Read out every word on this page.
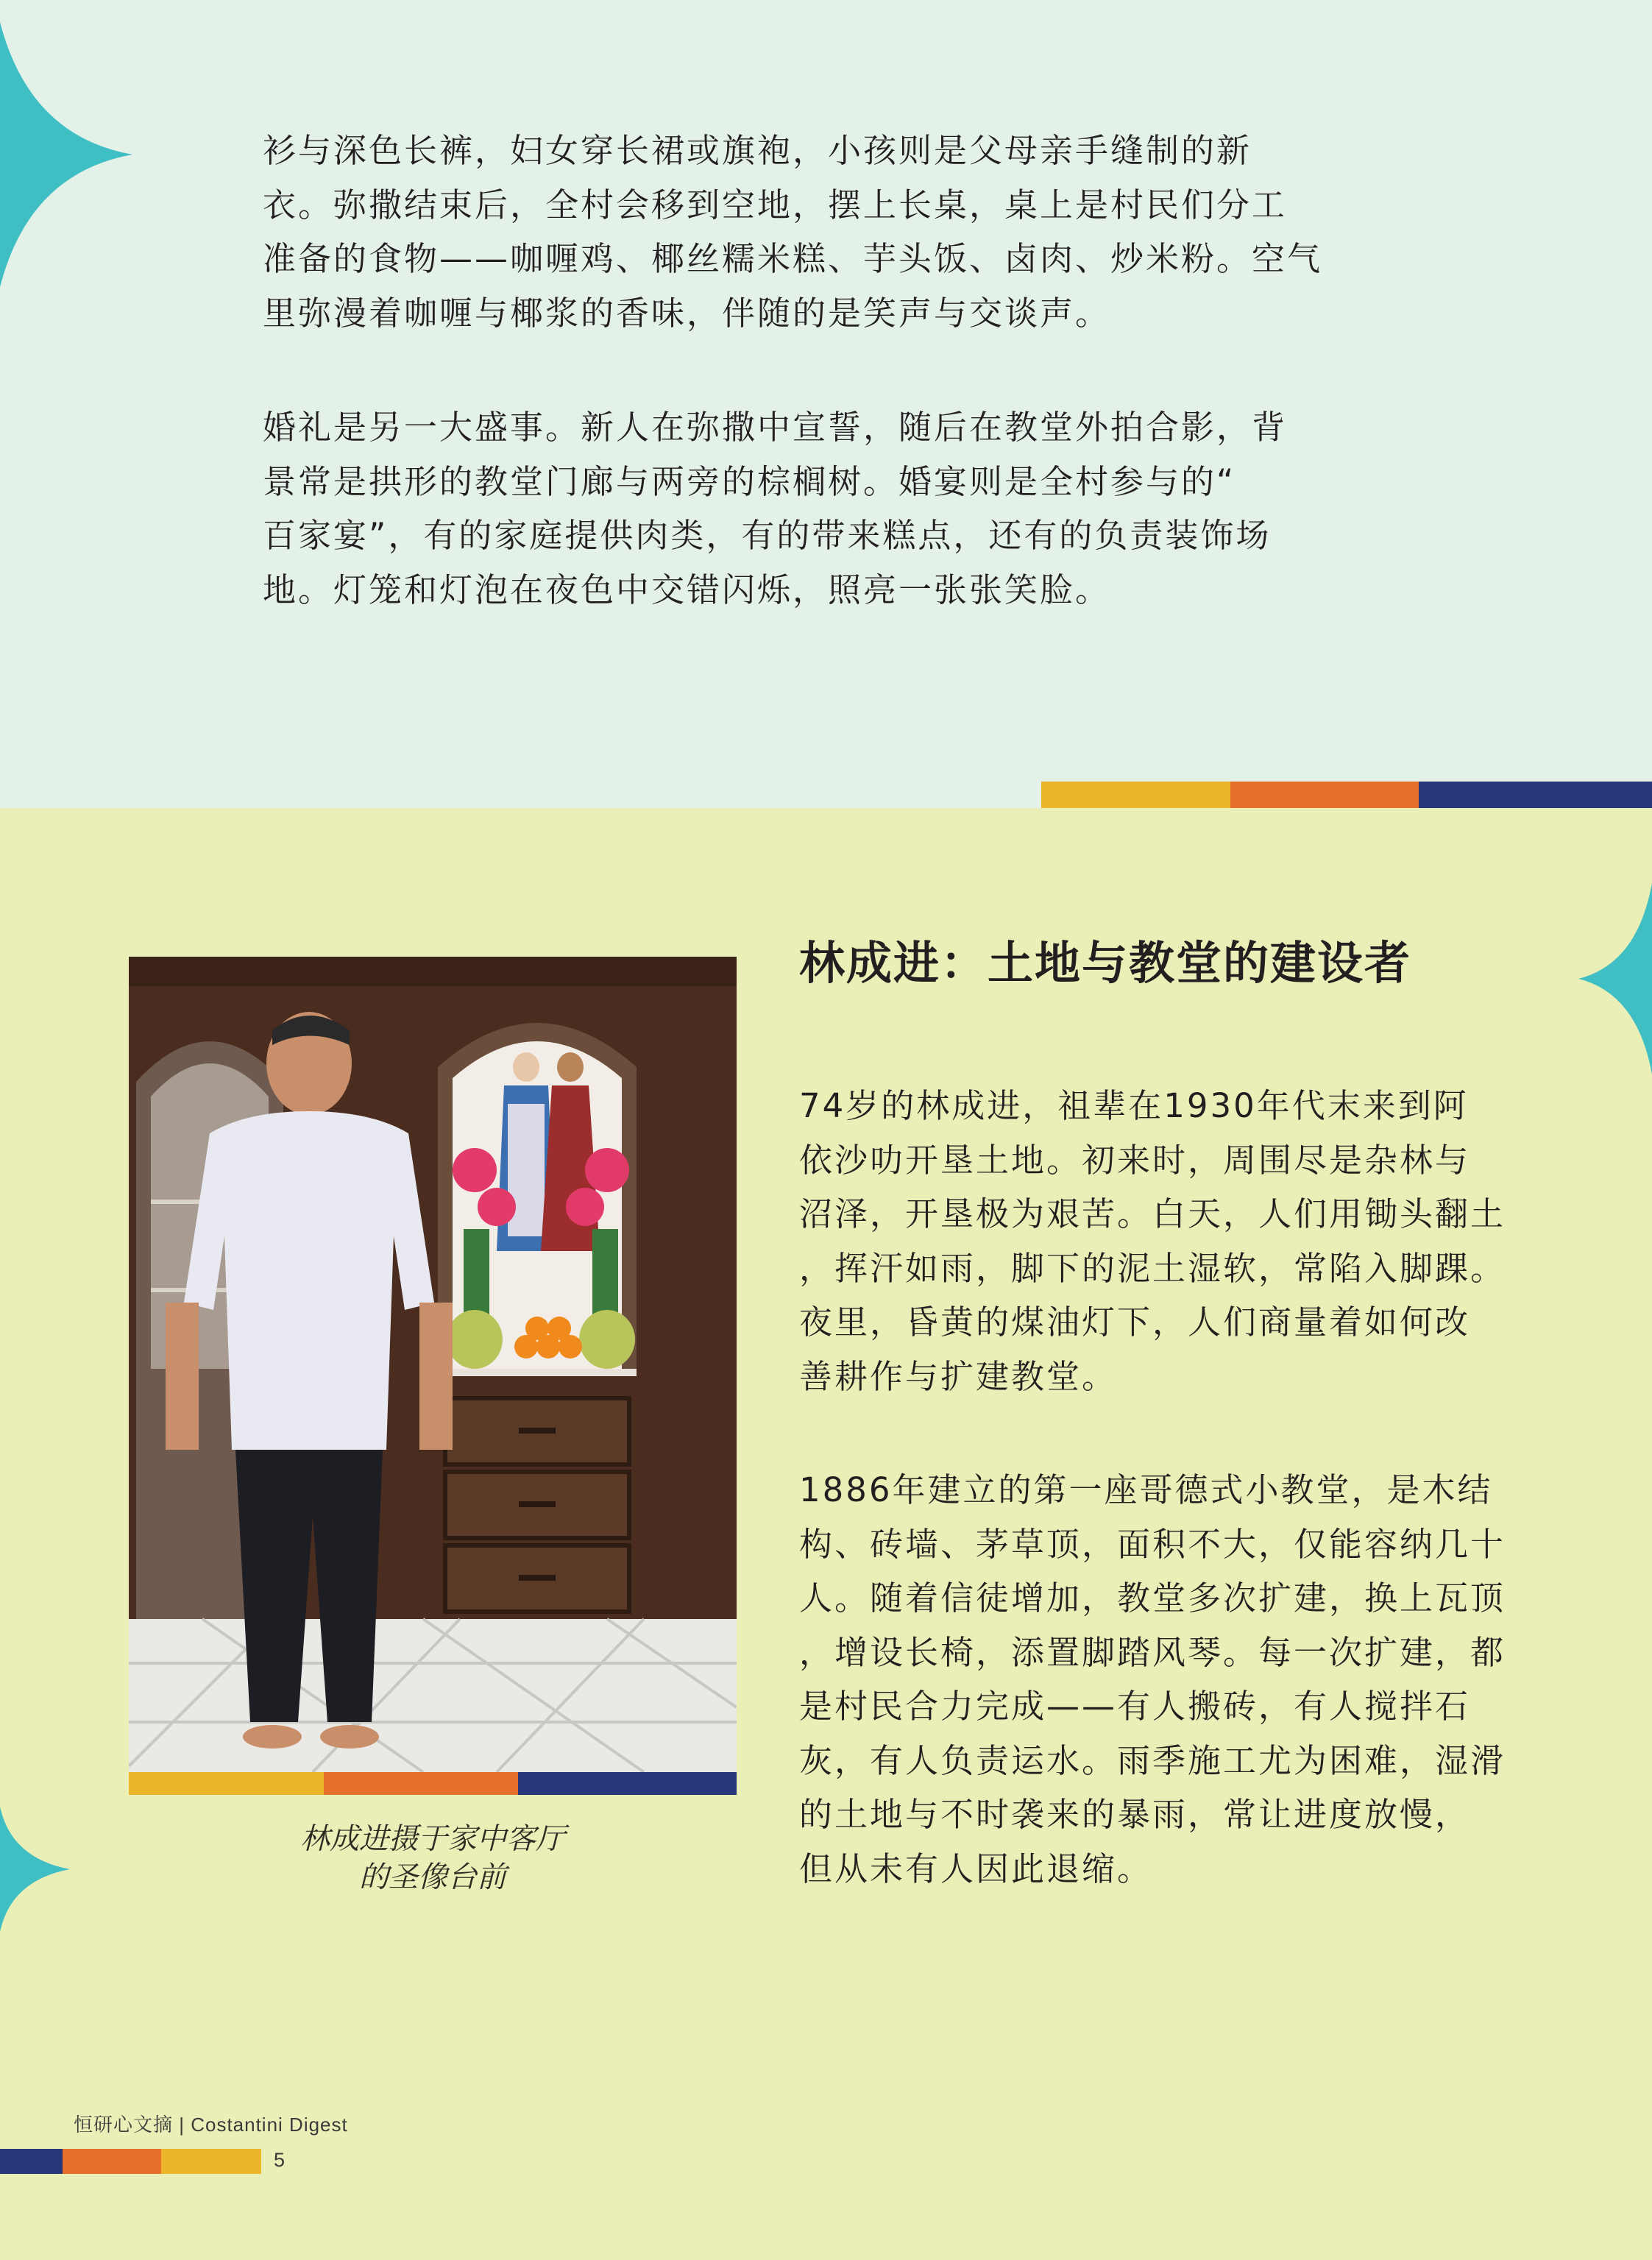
衫与深色长裤，妇女穿长裙或旗袍，小孩则是父母亲手缝制的新
衣。弥撒结束后，全村会移到空地，摆上长桌，桌上是村民们分工
准备的食物——咖喱鸡、椰丝糯米糕、芋头饭、卤肉、炒米粉。空气
里弥漫着咖喱与椰浆的香味，伴随的是笑声与交谈声。

婚礼是另一大盛事。新人在弥撒中宣誓，随后在教堂外拍合影，背
景常是拱形的教堂门廊与两旁的棕榈树。婚宴则是全村参与的“
百家宴”，有的家庭提供肉类，有的带来糕点，还有的负责装饰场
地。灯笼和灯泡在夜色中交错闪烁，照亮一张张笑脸。

林成进摄于家中客厅
的圣像台前

林成进：土地与教堂的建设者

74岁的林成进，祖辈在1930年代末来到阿
依沙叻开垦土地。初来时，周围尽是杂林与
沼泽，开垦极为艰苦。白天，人们用锄头翻土
，挥汗如雨，脚下的泥土湿软，常陷入脚踝。
夜里，昏黄的煤油灯下，人们商量着如何改
善耕作与扩建教堂。

1886年建立的第一座哥德式小教堂，是木结
构、砖墙、茅草顶，面积不大，仅能容纳几十
人。随着信徒增加，教堂多次扩建，换上瓦顶
，增设长椅，添置脚踏风琴。每一次扩建，都
是村民合力完成——有人搬砖，有人搅拌石
灰，有人负责运水。雨季施工尤为困难，湿滑
的土地与不时袭来的暴雨，常让进度放慢，
但从未有人因此退缩。

恒研心文摘 | Costantini Digest
5
